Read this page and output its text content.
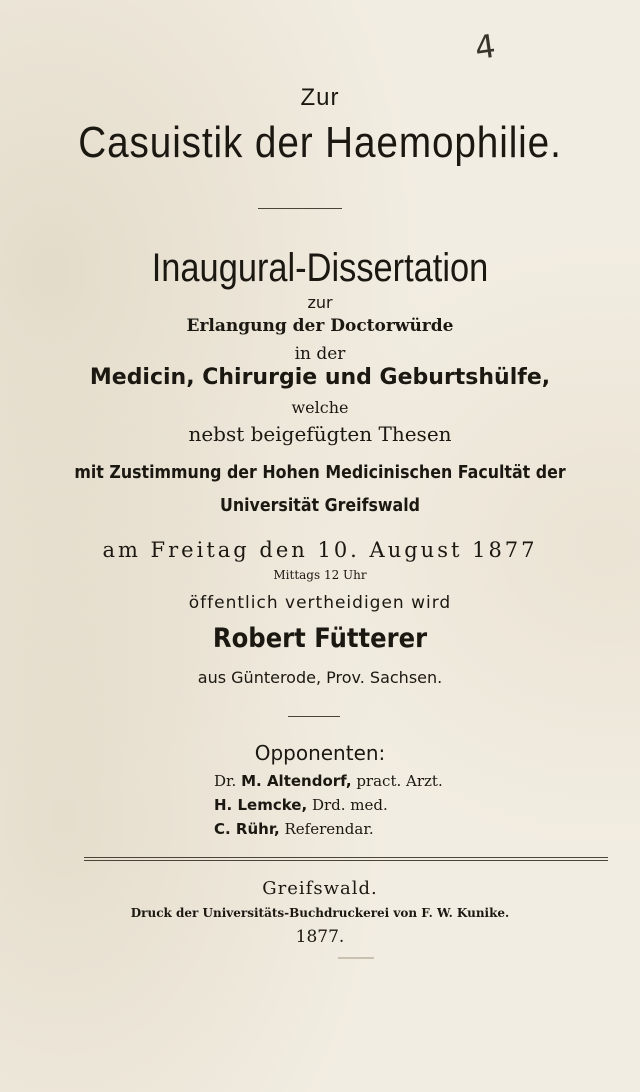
4
Zur
Casuistik der Haemophilie.
Inaugural-Dissertation
zur
Erlangung der Doctorwürde
in der
Medicin, Chirurgie und Geburtshülfe,
welche
nebst beigefügten Thesen
mit Zustimmung der Hohen Medicinischen Facultät der
Universität Greifswald
am Freitag den 10. August 1877
Mittags 12 Uhr
öffentlich vertheidigen wird
Robert Fütterer
aus Günterode, Prov. Sachsen.
Opponenten:
Dr. M. Altendorf, pract. Arzt.
H. Lemcke, Drd. med.
C. Rühr, Referendar.
Greifswald.
Druck der Universitäts-Buchdruckerei von F. W. Kunike.
1877.
